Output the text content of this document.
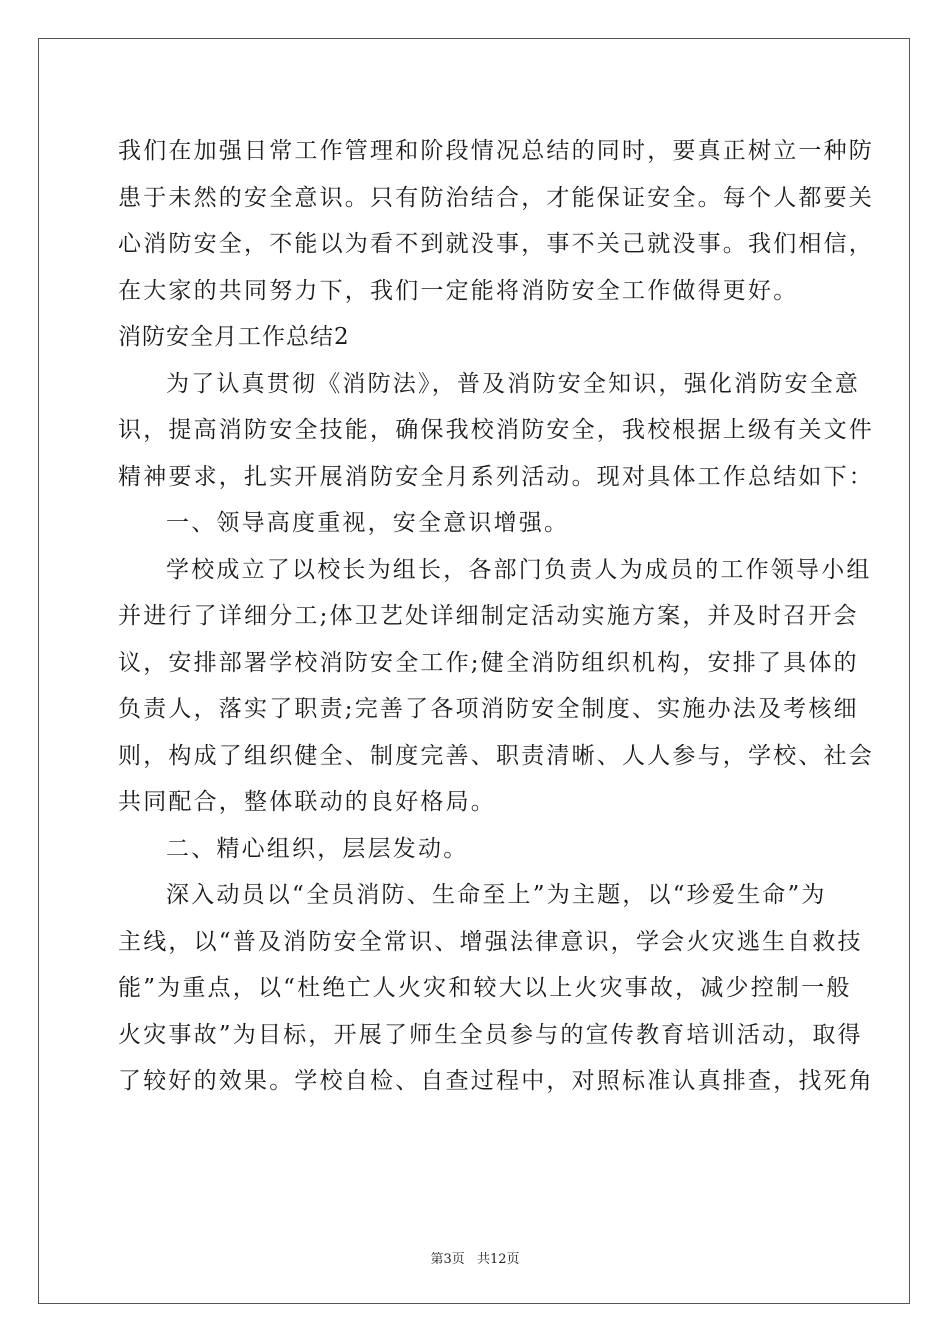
我们在加强日常工作管理和阶段情况总结的同时，要真正树立一种防
患于未然的安全意识。只有防治结合，才能保证安全。每个人都要关
心消防安全，不能以为看不到就没事，事不关己就没事。我们相信，
在大家的共同努力下，我们一定能将消防安全工作做得更好。
消防安全月工作总结2
为了认真贯彻《消防法》，普及消防安全知识，强化消防安全意
识，提高消防安全技能，确保我校消防安全，我校根据上级有关文件
精神要求，扎实开展消防安全月系列活动。现对具体工作总结如下：
一、领导高度重视，安全意识增强。
学校成立了以校长为组长，各部门负责人为成员的工作领导小组
并进行了详细分工;体卫艺处详细制定活动实施方案，并及时召开会
议，安排部署学校消防安全工作;健全消防组织机构，安排了具体的
负责人，落实了职责;完善了各项消防安全制度、实施办法及考核细
则，构成了组织健全、制度完善、职责清晰、人人参与，学校、社会
共同配合，整体联动的良好格局。
二、精心组织，层层发动。
深入动员以“全员消防、生命至上”为主题，以“珍爱生命”为
主线，以“普及消防安全常识、增强法律意识，学会火灾逃生自救技
能”为重点，以“杜绝亡人火灾和较大以上火灾事故，减少控制一般
火灾事故”为目标，开展了师生全员参与的宣传教育培训活动，取得
了较好的效果。学校自检、自查过程中，对照标准认真排查，找死角
第3页 共12页
